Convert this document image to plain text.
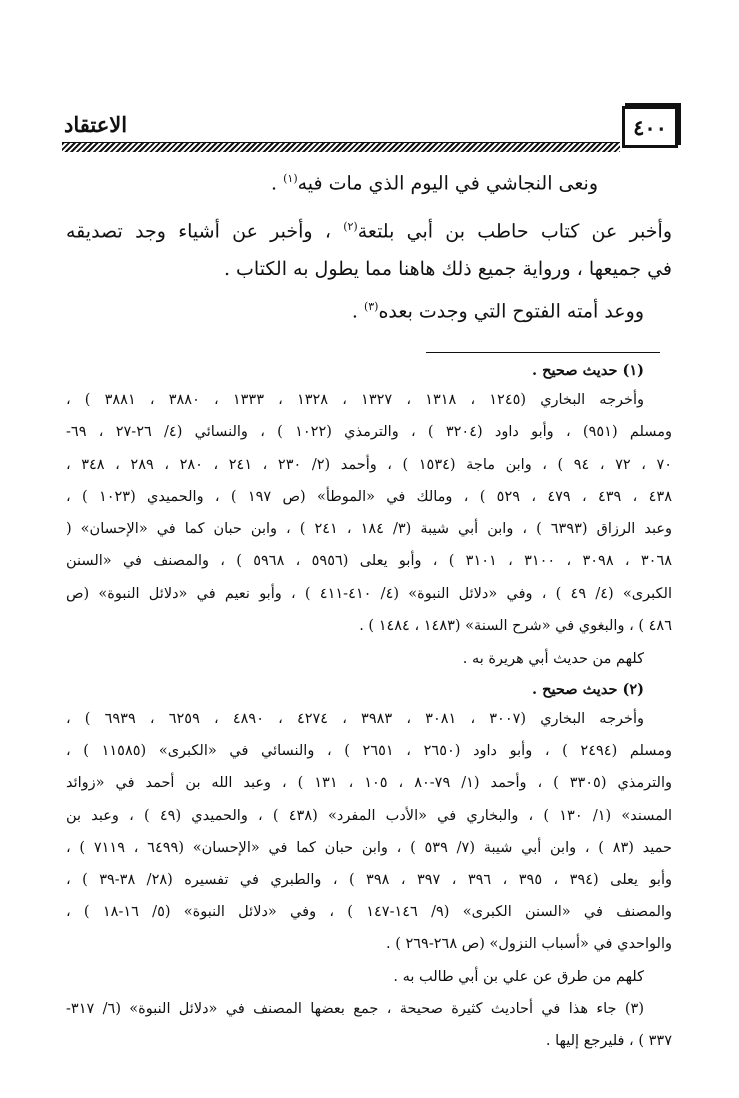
٤٠٠
الاعتقاد
ونعى النجاشي في اليوم الذي مات فيه$^{(١)}$ .
وأخبر عن كتاب حاطب بن أبي بلتعة$^{(٢)}$ ، وأخبر عن أشياء وجد تصديقه
في جميعها ، ورواية جميع ذلك هاهنا مما يطول به الكتاب .
ووعد أمته الفتوح التي وجدت بعده$^{(٣)}$ .
(١) حديث صحيح .
وأخرجه البخاري (١٢٤٥ ، ١٣١٨ ، ١٣٢٧ ، ١٣٢٨ ، ١٣٣٣ ، ٣٨٨٠ ، ٣٨٨١ ) ،
ومسلم (٩٥١) ، وأبو داود (٣٢٠٤ ) ، والترمذي (١٠٢٢ ) ، والنسائي (٤/ ٢٦-٢٧ ، ٦٩-
٧٠ ، ٧٢ ، ٩٤ ) ، وابن ماجة (١٥٣٤ ) ، وأحمد (٢/ ٢٣٠ ، ٢٤١ ، ٢٨٠ ، ٢٨٩ ، ٣٤٨ ،
٤٣٨ ، ٤٣٩ ، ٤٧٩ ، ٥٢٩ ) ، ومالك في «الموطأ» (ص ١٩٧ ) ، والحميدي (١٠٢٣ ) ،
وعبد الرزاق (٦٣٩٣ ) ، وابن أبي شيبة (٣/ ١٨٤ ، ٢٤١ ) ، وابن حبان كما في «الإحسان» (
٣٠٦٨ ، ٣٠٩٨ ، ٣١٠٠ ، ٣١٠١ ) ، وأبو يعلى (٥٩٥٦ ، ٥٩٦٨ ) ، والمصنف في «السنن
الكبرى» (٤/ ٤٩ ) ، وفي «دلائل النبوة» (٤/ ٤١٠-٤١١ ) ، وأبو نعيم في «دلائل النبوة» (ص
٤٨٦ ) ، والبغوي في «شرح السنة» (١٤٨٣ ، ١٤٨٤ ) .
كلهم من حديث أبي هريرة به .
(٢) حديث صحيح .
وأخرجه البخاري (٣٠٠٧ ، ٣٠٨١ ، ٣٩٨٣ ، ٤٢٧٤ ، ٤٨٩٠ ، ٦٢٥٩ ، ٦٩٣٩ ) ،
ومسلم (٢٤٩٤ ) ، وأبو داود (٢٦٥٠ ، ٢٦٥١ ) ، والنسائي في «الكبرى» (١١٥٨٥ ) ،
والترمذي (٣٣٠٥ ) ، وأحمد (١/ ٧٩-٨٠ ، ١٠٥ ، ١٣١ ) ، وعبد الله بن أحمد في «زوائد
المسند» (١/ ١٣٠ ) ، والبخاري في «الأدب المفرد» (٤٣٨ ) ، والحميدي (٤٩ ) ، وعبد بن
حميد (٨٣ ) ، وابن أبي شيبة (٧/ ٥٣٩ ) ، وابن حبان كما في «الإحسان» (٦٤٩٩ ، ٧١١٩ ) ،
وأبو يعلى (٣٩٤ ، ٣٩٥ ، ٣٩٦ ، ٣٩٧ ، ٣٩٨ ) ، والطبري في تفسيره (٢٨/ ٣٨-٣٩ ) ،
والمصنف في «السنن الكبرى» (٩/ ١٤٦-١٤٧ ) ، وفي «دلائل النبوة» (٥/ ١٦-١٨ ) ،
والواحدي في «أسباب النزول» (ص ٢٦٨-٢٦٩ ) .
كلهم من طرق عن علي بن أبي طالب به .
(٣) جاء هذا في أحاديث كثيرة صحيحة ، جمع بعضها المصنف في «دلائل النبوة» (٦/ ٣١٧-
٣٣٧ ) ، فليرجع إليها .
